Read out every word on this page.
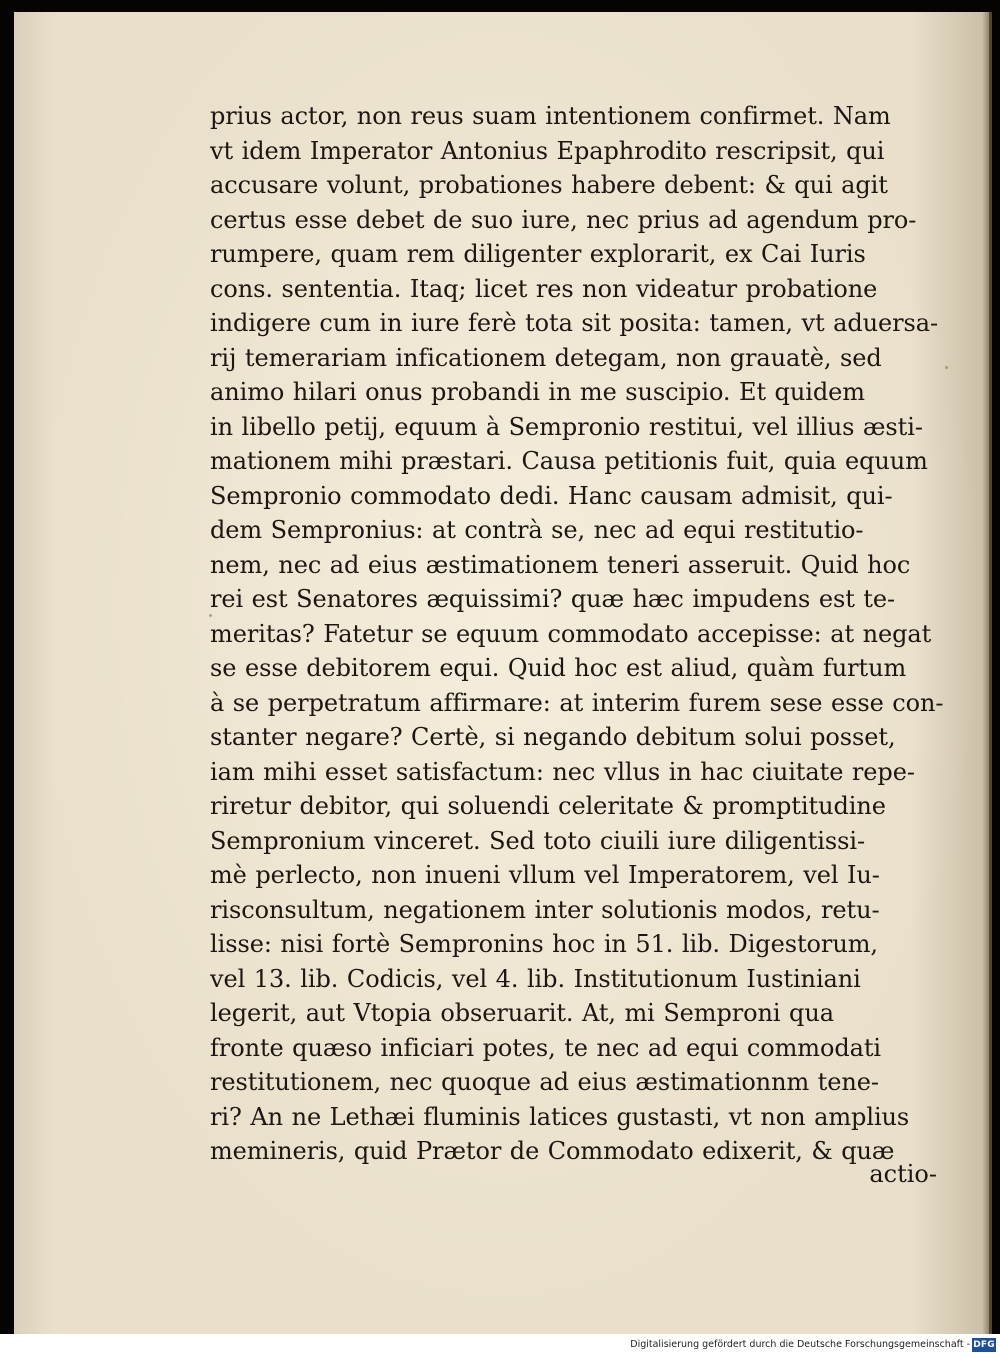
prius actor, non reus suam intentionem confirmet. Nam
vt idem Imperator Antonius Epaphrodito rescripsit, qui
accusare volunt, probationes habere debent: & qui agit
certus esse debet de suo iure, nec prius ad agendum pro-
rumpere, quam rem diligenter explorarit, ex Cai Iuris
cons. sententia. Itaq; licet res non videatur probatione
indigere cum in iure ferè tota sit posita: tamen, vt aduersa-
rij temerariam inficationem detegam, non grauatè, sed
animo hilari onus probandi in me suscipio. Et quidem
in libello petij, equum à Sempronio restitui, vel illius æsti-
mationem mihi præstari. Causa petitionis fuit, quia equum
Sempronio commodato dedi. Hanc causam admisit, qui-
dem Sempronius: at contrà se, nec ad equi restitutio-
nem, nec ad eius æstimationem teneri asseruit. Quid hoc
rei est Senatores æquissimi? quæ hæc impudens est te-
meritas? Fatetur se equum commodato accepisse: at negat
se esse debitorem equi. Quid hoc est aliud, quàm furtum
à se perpetratum affirmare: at interim furem sese esse con-
stanter negare? Certè, si negando debitum solui posset,
iam mihi esset satisfactum: nec vllus in hac ciuitate repe-
riretur debitor, qui soluendi celeritate & promptitudine
Sempronium vinceret. Sed toto ciuili iure diligentissi-
mè perlecto, non inueni vllum vel Imperatorem, vel Iu-
risconsultum, negationem inter solutionis modos, retu-
lisse: nisi fortè Sempronins hoc in 51. lib. Digestorum,
vel 13. lib. Codicis, vel 4. lib. Institutionum Iustiniani
legerit, aut Vtopia obseruarit. At, mi Semproni qua
fronte quæso inficiari potes, te nec ad equi commodati
restitutionem, nec quoque ad eius æstimationnm tene-
ri? An ne Lethæi fluminis latices gustasti, vt non amplius
memineris, quid Prætor de Commodato edixerit, & quæ
actio-
Digitalisierung gefördert durch die Deutsche Forschungsgemeinschaft - DFG
